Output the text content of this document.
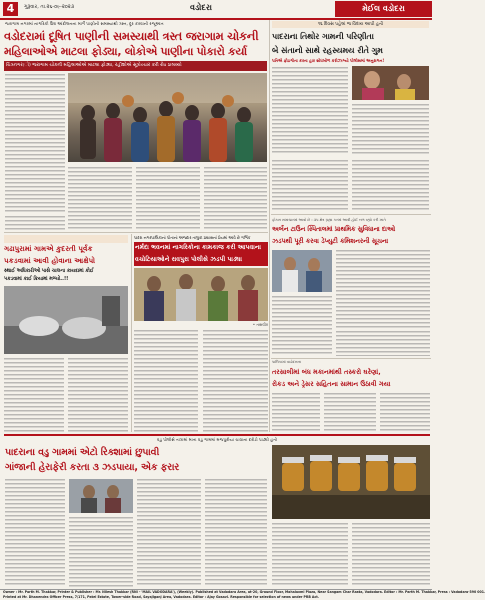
4	ગુરૂવાર, તા.૨૬-૦૯-૨૦૨૩	વડોદરા	મેઈલ વડોદરા
જરાગામ નગરમાં નાગરિકો ઉગ્ર આંદોલનના માર્ગે પાણીની સમસ્યાથી ત્રસ્ત, દૂર કરવાની રજૂઆત
વડોદરામાં દૂષિત પાણીની સમસ્યાથી ત્રસ્ત જરાગામ ચોકની
મહિલાઓએ માટલા ફોડ્યા, લોકોએ પાણીના પોકારો કર્યા
ચિત્રનગર(ો) જરાગામ ચોકની મહિલાઓએ માટલા ફોડ્યા, રહીશોએ સૂત્રોચ્ચાર કરી રોષ ઠાલવ્યો
૧૬ દિવસ પહેલાં જ વિદાય આપી હતી
પાદરાના તિથોર ગામની પરિણીતા
બે સંતાનો સાથે રહસ્યમય રીતે ગુમ
પતિએ ફોઇગોતા કરતા હાર શોધખોળ કરીઝાગ્યો પોલીસમાં અનુરાગન!
ગઢાપુરામાં ગામએ કુદરતી પૂર્વક
પકડવામાં આવી હોવાના આક્ષેપો
સ્થાઈ અધિકારીઓ પાસે ચાલના કાયદામાં કોઈ
પકડવામાં કાઈ ક્રિયામાં મળ્યો..!!
પાદરા નગરપાલિકાનાં પોતાનાં અજદાર તાલુકા પ્રશાસનાં પ્રેયમાં આવે છે ગર્ભિક
નર્મદા ભવનમાં નાગરિકોના કામકાજ કરી આપવાના
વચોટિયાઓને રાવપુરા પોલીસે ઝડપી પાડ્યા
• તસવીર
ફોકસ સમાચારમાં આવો છે : ૩૫ ક્ષેત્ર ગ્રહ્યા કરમાં આવી હોઈ બળ રહ્યો કરી ખાતે
અર્બન ટાઉન સ્પિતાલમાં પ્રાથમિક સુવિધાના દાઓ
ઝડપથી પૂરી કરવા ડેપ્યુટી કમિશનરની સૂચના
પાલિકામાં વાડોદરાના
તરસાલીમાં બંધ મકાનમાંથી તસ્કરો ઘરેણાં,
રોકડ અને ડ્રેસર સહિતના સામાન ઉઠાવી ગયા
વડુ પોલીસે તાત્રામાં માતા વડુ ગામમાં મજપુરીયા ચાવાના દરોડો પાડ્યો હતો
પાદરાના વડુ ગામમાં એટો રિક્શામાં છુપાવી
ગાંજાની હેરાફેરી કરતા ૩ ઝડપાયા, એક ફરાર
Owner : Mr. Parth M. Thakkar, Printer & Publisher : Mr. Nilesh Thakkar (RNI - 'MAIL VADODARA'), (Weekly). Published at Vadodara Area, at-20, Ground Floor, Mahalaxmi Plaza, Near Sangam Char Rasta, Vadodara. Editor : Mr. Parth M. Thakkar, Press : Vadodara-390 001.
Printed at Mr. Dhanendra Officer Press, 7/171, Patel Estate, Tower-side Road, Sayajiganj Area, Vadodara. Editor : Ajay Gosavi. Responsible for selection of news under PRB Act.
